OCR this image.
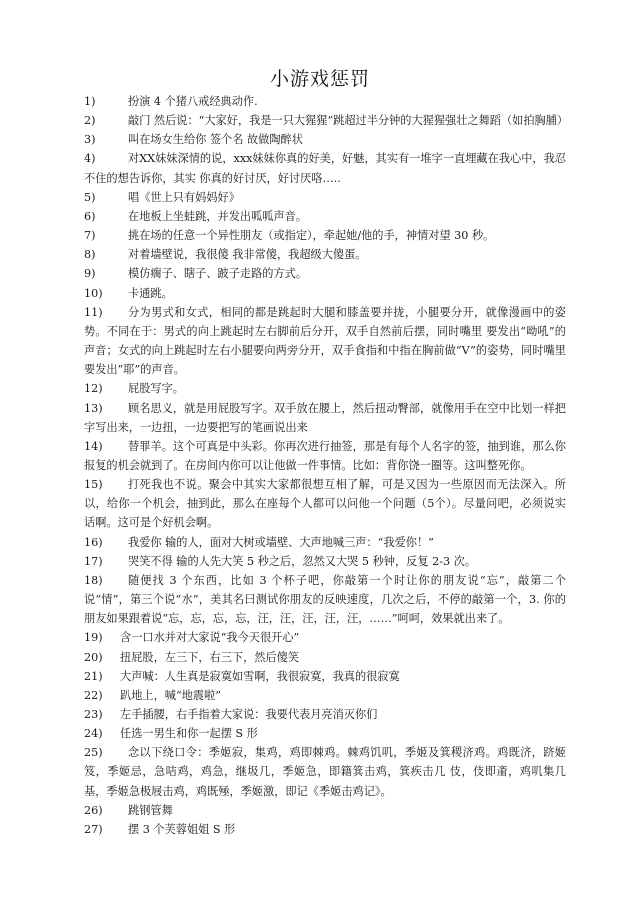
小游戏惩罚
1)	扮演 4 个猪八戒经典动作.
2)	敲门 然后说：“大家好，我是一只大猩猩”跳超过半分钟的大猩猩强壮之舞蹈（如拍胸脯）
3)	叫在场女生给你 签个名 故做陶醉状
4)	对XX妹妹深情的说，xxx妹妹你真的好美，好魅，其实有一堆字一直埋藏在我心中，我忍不住的想告诉你，其实 你真的好讨厌，好讨厌咯…..
5)	唱《世上只有妈妈好》
6)	在地板上坐蛙跳，并发出呱呱声音。
7)	挑在场的任意一个异性朋友（或指定），牵起她/他的手，神情对望 30 秒。
8)	对着墙壁说，我很傻 我非常傻，我超级大傻蛋。
9)	模仿瘸子、瞎子、跛子走路的方式。
10)	卡通跳。
11)	分为男式和女式，相同的都是跳起时大腿和膝盖要并拢，小腿要分开，就像漫画中的姿势。不同在于：男式的向上跳起时左右脚前后分开，双手自然前后摆，同时嘴里 要发出“呦吼”的声音；女式的向上跳起时左右小腿要向两旁分开，双手食指和中指在胸前做“V”的姿势，同时嘴里要发出”耶”的声音。
12)	屁股写字。
13)	顾名思义，就是用屁股写字。双手放在腰上，然后扭动臀部，就像用手在空中比划一样把字写出来，一边扭，一边要把写的笔画说出来
14)	替罪羊。这个可真是中头彩。你再次进行抽签，那是有每个人名字的签，抽到谁，那么你报复的机会就到了。在房间内你可以让他做一件事情。比如：背你饶一圈等。这叫整死你。
15)	打死我也不说。聚会中其实大家都很想互相了解，可是又因为一些原因而无法深入。所以，给你一个机会，抽到此，那么在座每个人都可以问他一个问题（5个）。尽量问吧，必须说实话啊。这可是个好机会啊。
16)	我爱你 输的人，面对大树或墙壁、大声地喊三声：“我爱你！”
17)	哭笑不得 输的人先大笑 5 秒之后，忽然又大哭 5 秒钟，反复 2-3 次。
18)	随便找 3 个东西，比如 3 个杯子吧，你敲第一个时让你的朋友说“忘”，敲第二个说“情”，第三个说“水”，美其名曰测试你朋友的反映速度，几次之后，不停的敲第一个，3. 你的朋友如果跟着说“忘，忘，忘，忘，汪，汪，汪，汪，汪，……”呵呵，效果就出来了。
19)	含一口水并对大家说“我今天很开心”
20)	扭屁股，左三下，右三下，然后傻笑
21)	大声喊：人生真是寂寞如雪啊，我很寂寞，我真的很寂寞
22)	趴地上，喊“地震啦”
23)	左手插腰，右手指着大家说：我要代表月亮消灭你们
24)	任选一男生和你一起摆 S 形
25)	念以下绕口令：季姬寂，集鸡，鸡即棘鸡。棘鸡饥叽，季姬及箕稷济鸡。鸡既济，跻姬笈，季姬忌，急咭鸡，鸡急，继圾几，季姬急，即籍箕击鸡，箕疾击几 伎，伎即齑，鸡叽集几基，季姬急极屐击鸡，鸡既殛，季姬激，即记《季姬击鸡记》。
26)	跳钢管舞
27)	摆 3 个芙蓉姐姐 S 形
